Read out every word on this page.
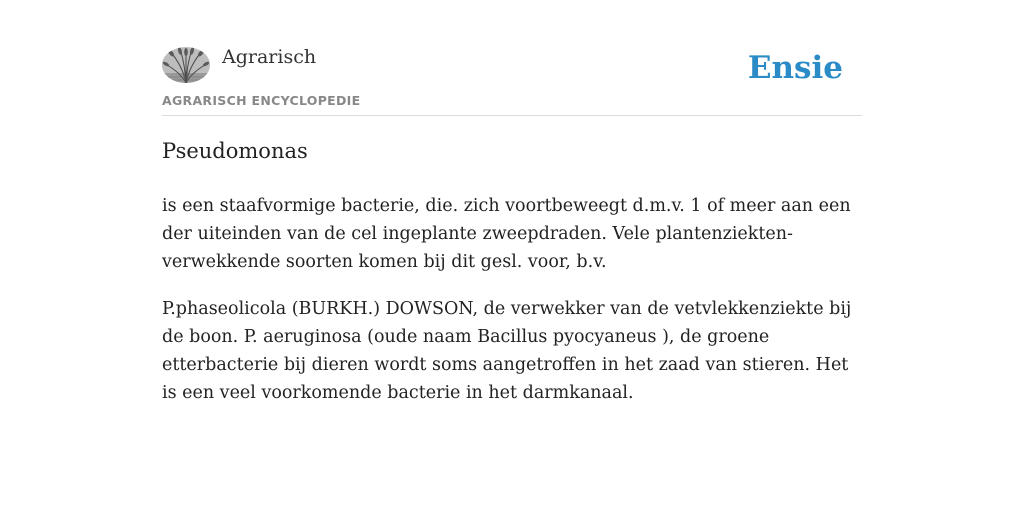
Agrarisch
AGRARISCH ENCYCLOPEDIE
Ensie
Pseudomonas

is een staafvormige bacterie, die. zich voortbeweegt d.m.v. 1 of meer aan een der uiteinden van de cel ingeplante zweepdraden. Vele plantenziekten-verwekkende soorten komen bij dit gesl. voor, b.v.

P.phaseolicola (BURKH.) DOWSON, de verwekker van de vetvlekkenziekte bij de boon. P. aeruginosa (oude naam Bacillus pyocyaneus ), de groene etterbacterie bij dieren wordt soms aangetroffen in het zaad van stieren. Het is een veel voorkomende bacterie in het darmkanaal.
